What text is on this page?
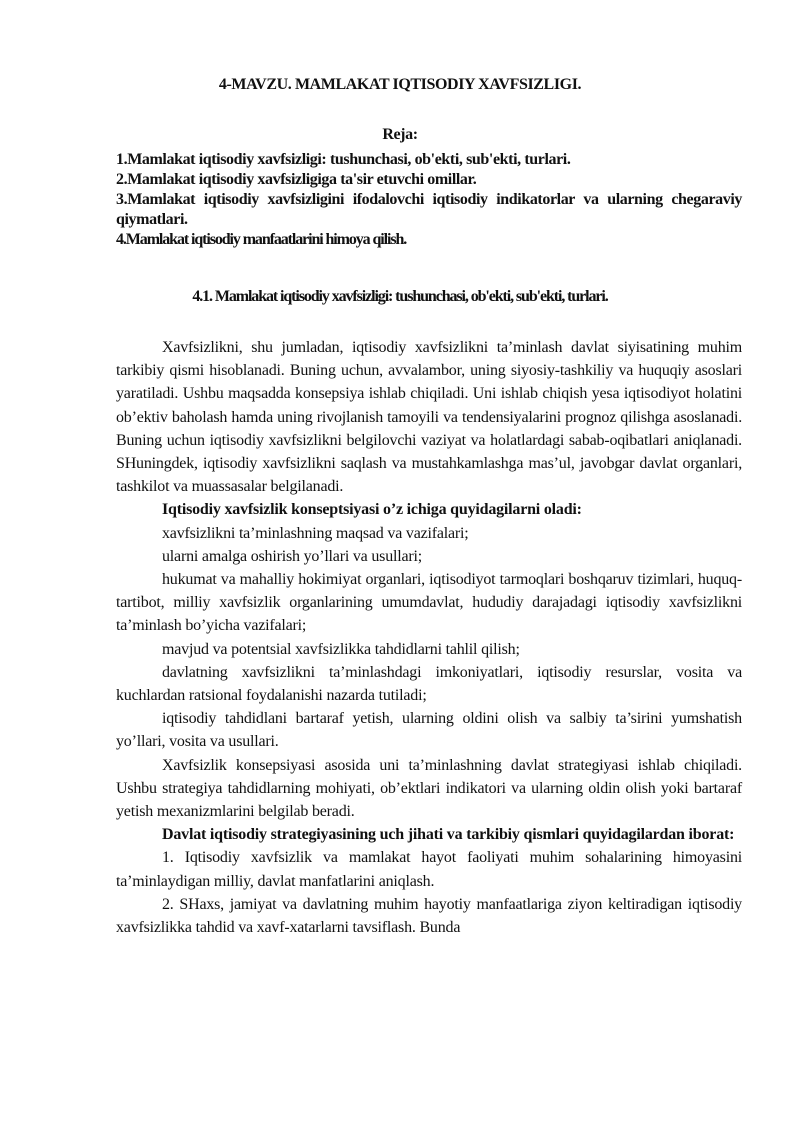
4-MAVZU. MAMLAKAT IQTISODIY XAVFSIZLIGI.
Reja:
1.Mamlakat iqtisodiy xavfsizligi: tushunchasi, ob'ekti, sub'ekti, turlari.
2.Mamlakat iqtisodiy xavfsizligiga ta'sir etuvchi omillar.
3.Mamlakat iqtisodiy xavfsizligini ifodalovchi iqtisodiy indikatorlar va ularning chegaraviy qiymatlari.
4.Mamlakat iqtisodiy manfaatlarini himoya qilish.
4.1. Mamlakat iqtisodiy xavfsizligi: tushunchasi, ob'ekti, sub'ekti, turlari.

Xavfsizlikni, shu jumladan, iqtisodiy xavfsizlikni ta’minlash davlat siyisatining muhim tarkibiy qismi hisoblanadi. Buning uchun, avvalambor, uning siyosiy-tashkiliy va huquqiy asoslari yaratiladi. Ushbu maqsadda konsepsiya ishlab chiqiladi. Uni ishlab chiqish yesa iqtisodiyot holatini ob’ektiv baholash hamda uning rivojlanish tamoyili va tendensiyalarini prognoz qilishga asoslanadi. Buning uchun iqtisodiy xavfsizlikni belgilovchi vaziyat va holatlardagi sabab-oqibatlari aniqlanadi. SHuningdek, iqtisodiy xavfsizlikni saqlash va mustahkamlashga mas’ul, javobgar davlat organlari, tashkilot va muassasalar belgilanadi.

Iqtisodiy xavfsizlik konseptsiyasi o’z ichiga quyidagilarni oladi:

xavfsizlikni ta’minlashning maqsad va vazifalari;

ularni amalga oshirish yo’llari va usullari;

hukumat va mahalliy hokimiyat organlari, iqtisodiyot tarmoqlari boshqaruv tizimlari, huquq-tartibot, milliy xavfsizlik organlarining umumdavlat, hududiy darajadagi iqtisodiy xavfsizlikni ta’minlash bo’yicha vazifalari;

mavjud va potentsial xavfsizlikka tahdidlarni tahlil qilish;

davlatning xavfsizlikni ta’minlashdagi imkoniyatlari, iqtisodiy resurslar, vosita va kuchlardan ratsional foydalanishi nazarda tutiladi;

iqtisodiy tahdidlani bartaraf yetish, ularning oldini olish va salbiy ta’sirini yumshatish yo’llari, vosita va usullari.

Xavfsizlik konsepsiyasi asosida uni ta’minlashning davlat strategiyasi ishlab chiqiladi. Ushbu strategiya tahdidlarning mohiyati, ob’ektlari indikatori va ularning oldin olish yoki bartaraf yetish mexanizmlarini belgilab beradi.

Davlat iqtisodiy strategiyasining uch jihati va tarkibiy qismlari quyidagilardan iborat:

1. Iqtisodiy xavfsizlik va mamlakat hayot faoliyati muhim sohalarining himoyasini ta’minlaydigan milliy, davlat manfatlarini aniqlash.

2. SHaxs, jamiyat va davlatning muhim hayotiy manfaatlariga ziyon keltiradigan iqtisodiy xavfsizlikka tahdid va xavf-xatarlarni tavsiflash. Bunda
